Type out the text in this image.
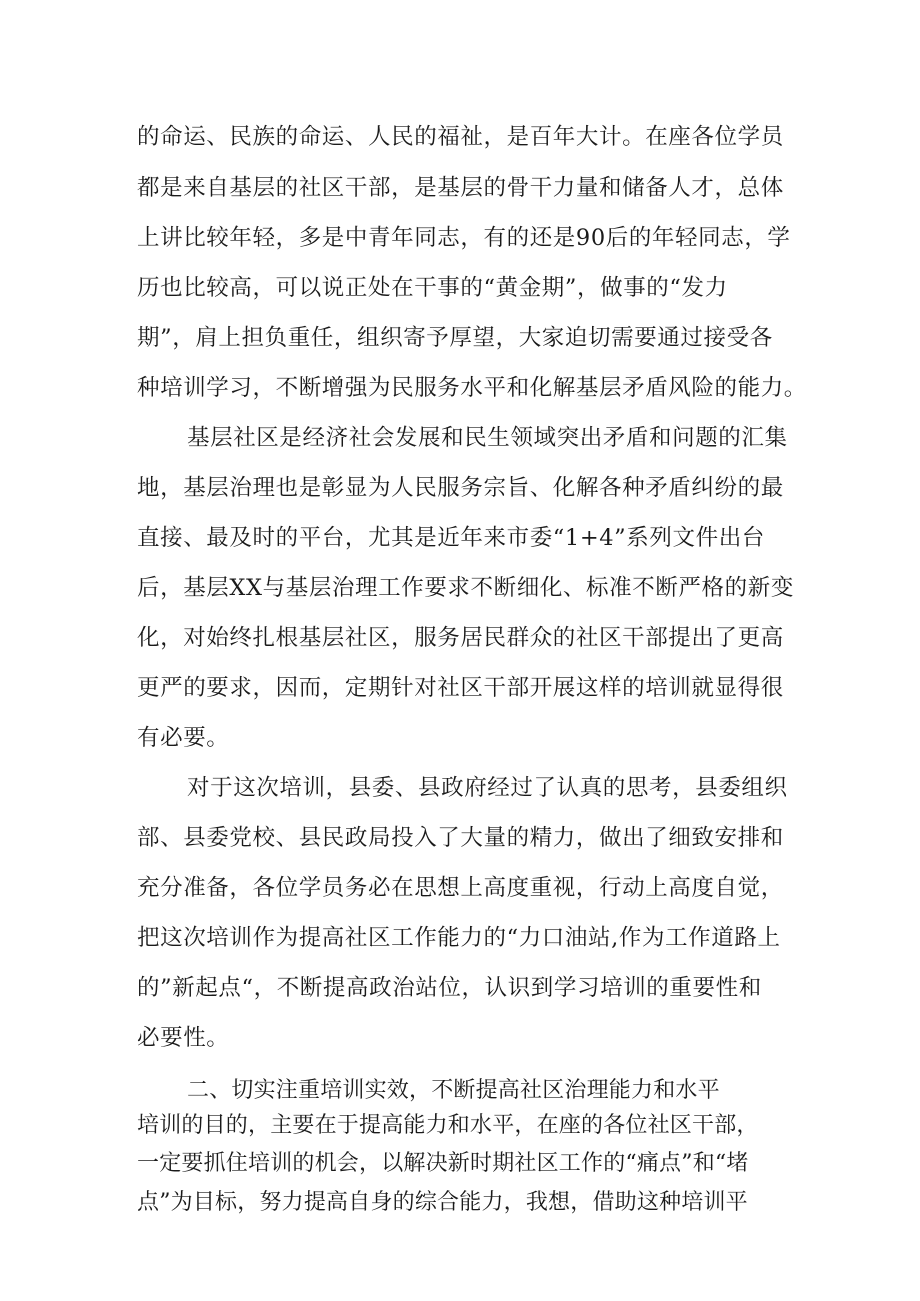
的命运、民族的命运、人民的福祉，是百年大计。在座各位学员
都是来自基层的社区干部，是基层的骨干力量和储备人才，总体
上讲比较年轻，多是中青年同志，有的还是90后的年轻同志，学
历也比较高，可以说正处在干事的“黄金期”，做事的“发力
期”，肩上担负重任，组织寄予厚望，大家迫切需要通过接受各
种培训学习，不断增强为民服务水平和化解基层矛盾风险的能力。
基层社区是经济社会发展和民生领域突出矛盾和问题的汇集
地，基层治理也是彰显为人民服务宗旨、化解各种矛盾纠纷的最
直接、最及时的平台，尤其是近年来市委“1+4”系列文件出台
后，基层XX与基层治理工作要求不断细化、标准不断严格的新变
化，对始终扎根基层社区，服务居民群众的社区干部提出了更高
更严的要求，因而，定期针对社区干部开展这样的培训就显得很
有必要。
对于这次培训，县委、县政府经过了认真的思考，县委组织
部、县委党校、县民政局投入了大量的精力，做出了细致安排和
充分准备，各位学员务必在思想上高度重视，行动上高度自觉，
把这次培训作为提高社区工作能力的“力口油站,作为工作道路上
的”新起点“，不断提高政治站位，认识到学习培训的重要性和
必要性。
二、切实注重培训实效，不断提高社区治理能力和水平
培训的目的，主要在于提高能力和水平，在座的各位社区干部，
一定要抓住培训的机会，以解决新时期社区工作的“痛点”和“堵
点”为目标，努力提高自身的综合能力，我想，借助这种培训平
